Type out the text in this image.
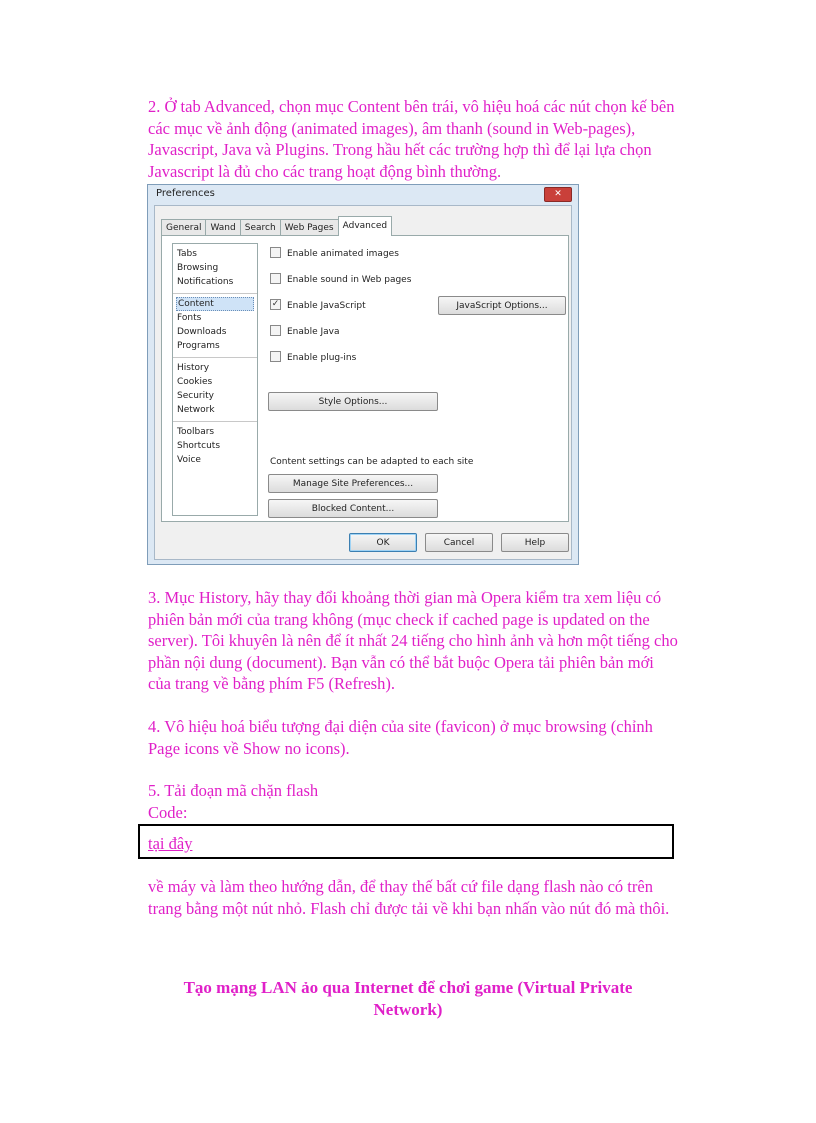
2. Ở tab Advanced, chọn mục Content bên trái, vô hiệu hoá các nút chọn kế bên các mục về ảnh động (animated images), âm thanh (sound in Web-pages), Javascript, Java và Plugins. Trong hầu hết các trường hợp thì để lại lựa chọn Javascript là đủ cho các trang hoạt động bình thường.
Preferences	✕
General	Wand	Search	Web Pages	Advanced
Tabs
Browsing
Notifications
Content
Fonts
Downloads
Programs
History
Cookies
Security
Network
Toolbars
Shortcuts
Voice
Enable animated images
Enable sound in Web pages
✓ Enable JavaScript
Enable Java
Enable plug-ins
JavaScript Options...
Style Options...
Content settings can be adapted to each site
Manage Site Preferences...
Blocked Content...
OK	Cancel	Help
3. Mục History, hãy thay đổi khoảng thời gian mà Opera kiểm tra xem liệu có phiên bản mới của trang không (mục check if cached page is updated on the server). Tôi khuyên là nên để ít nhất 24 tiếng cho hình ảnh và hơn một tiếng cho phần nội dung (document). Bạn vẫn có thể bắt buộc Opera tải phiên bản mới của trang về bằng phím F5 (Refresh).
4. Vô hiệu hoá biểu tượng đại diện của site (favicon) ở mục browsing (chỉnh Page icons về Show no icons).
5. Tải đoạn mã chặn flash
Code:
tại đây
về máy và làm theo hướng dẫn, để thay thế bất cứ file dạng flash nào có trên trang bằng một nút nhỏ. Flash chỉ được tải về khi bạn nhấn vào nút đó mà thôi.
Tạo mạng LAN ảo qua Internet để chơi game (Virtual Private Network)
